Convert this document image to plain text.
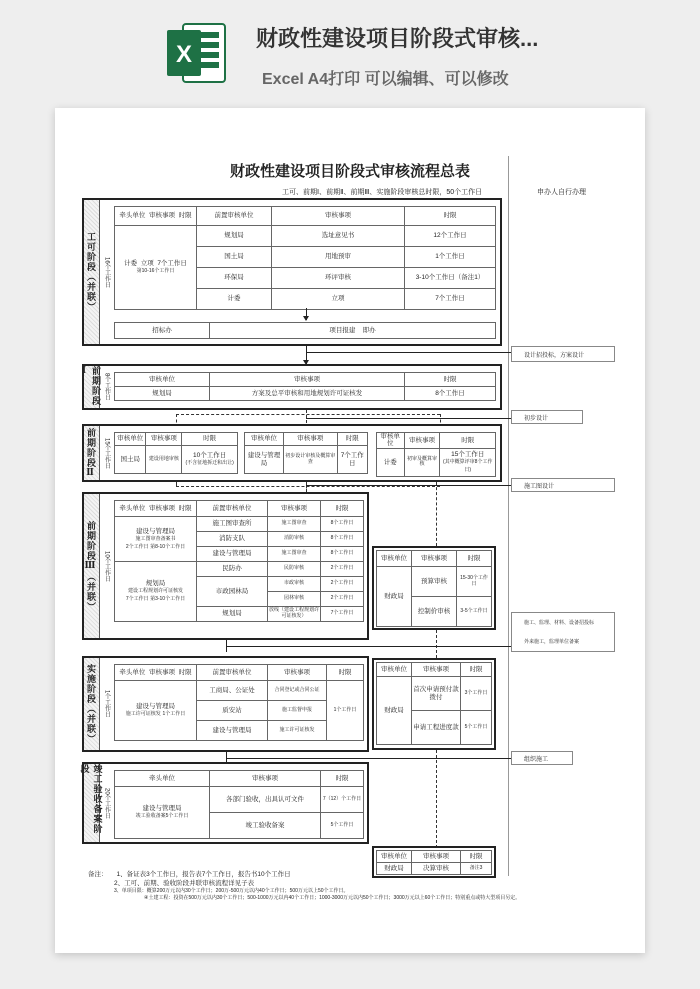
X
财政性建设项目阶段式审核...
Excel A4打印 可以编辑、可以修改
财政性建设项目阶段式审核流程总表
工可、前期Ⅰ、前期Ⅱ、前期Ⅲ、实施阶段审核总时限，50个工作日	申办人自行办理
工可阶段（并联）	16个工作日
牵头单位 审核事项 时限	前置审核单位	审核事项	时限
计委 立项 7个工作日
第10-16个工作日	规划局	选址意见书	12个工作日
	国土局	用地预审	1个工作日
	环保局	环评审核	3-10个工作日（备注1）
	计委	立项	7个工作日
招标办	项目报建 即办
设计招投标，方案设计
前期阶段Ⅰ
8个工作日	审核单位	审核事项	时限
规划局	方案及总平审核和用地规划许可证核发	8个工作日
初步设计
前期阶段Ⅱ	15个工作日	审核单位	审核事项	时限
国土局	建设用地审核	10个工作日
(不含征地拆迁和出让)
审核单位	审核事项	时限
建设与管理局	初步设计审核及概算审查	7个工作日
审核单位	审核事项	时限
计委	初审及概算审核	15个工作日
(其中概算评审8个工作日)
施工图设计
前期阶段Ⅲ（并联）	10个工作日
牵头单位 审核事项 时限	前置审核单位	审核事项	时限
建设与管理局
施工图审查备案书
2个工作日 第8-10个工作日	施工图审查所	施工图审查	8个工作日
	消防支队	消防审核	8个工作日
	建设与管理局	施工图审查	8个工作日
规划局
建设工程规划许可证核发
7个工作日 第3-10个工作日	民防办	民防审核	2个工作日
	市政园林局	市政审核	2个工作日
		园林审核	2个工作日
	规划局	放线（建设工程规划许可证核发）	7个工作日
审核单位	审核事项	时限
财政局	预算审核	15-30个工作日
	控制价审核	3-5个工作日
施工、监理、材料、设备招投标
外来施工，监理单位备案
实施阶段（并联）	1个工作日
牵头单位 审核事项 时限	前置审核单位	审核事项	时限
建设与管理局
施工许可证核发 1个工作日	工商局、公证处	合同登记或合同公证	1个工作日
	质安站	施工监督申报	
	建设与管理局	施工许可证核发	
审核单位	审核事项	时限
财政局	首次申请预付款拨付	3个工作日
	申请工程进度款	5个工作日
组织施工
竣工验收备案阶段
20个工作日
牵头单位	审核事项	时限
建设与管理局
竣工验收备案5个工作日	各部门验收，出具认可文件	7（12）个工作日
	竣工验收备案	5个工作日
审核单位	审核事项	时限
财政局	决算审核	备注3
备注： 1、备证表3个工作日，报告表7个工作日，报告书10个工作日
2、工可、前期、验收阶段并联审核流程详见子表
3、单项目限：概算200万元以内30个工作日；200万-500万元以内40个工作日；500万元以上50个工作日。
④土建工程：投资在500万元以内30个工作日；500-1000万元以内40个工作日；1000-3000万元以内50个工作日；3000万元以上60个工作日；特别重点或特大型项目另定。
